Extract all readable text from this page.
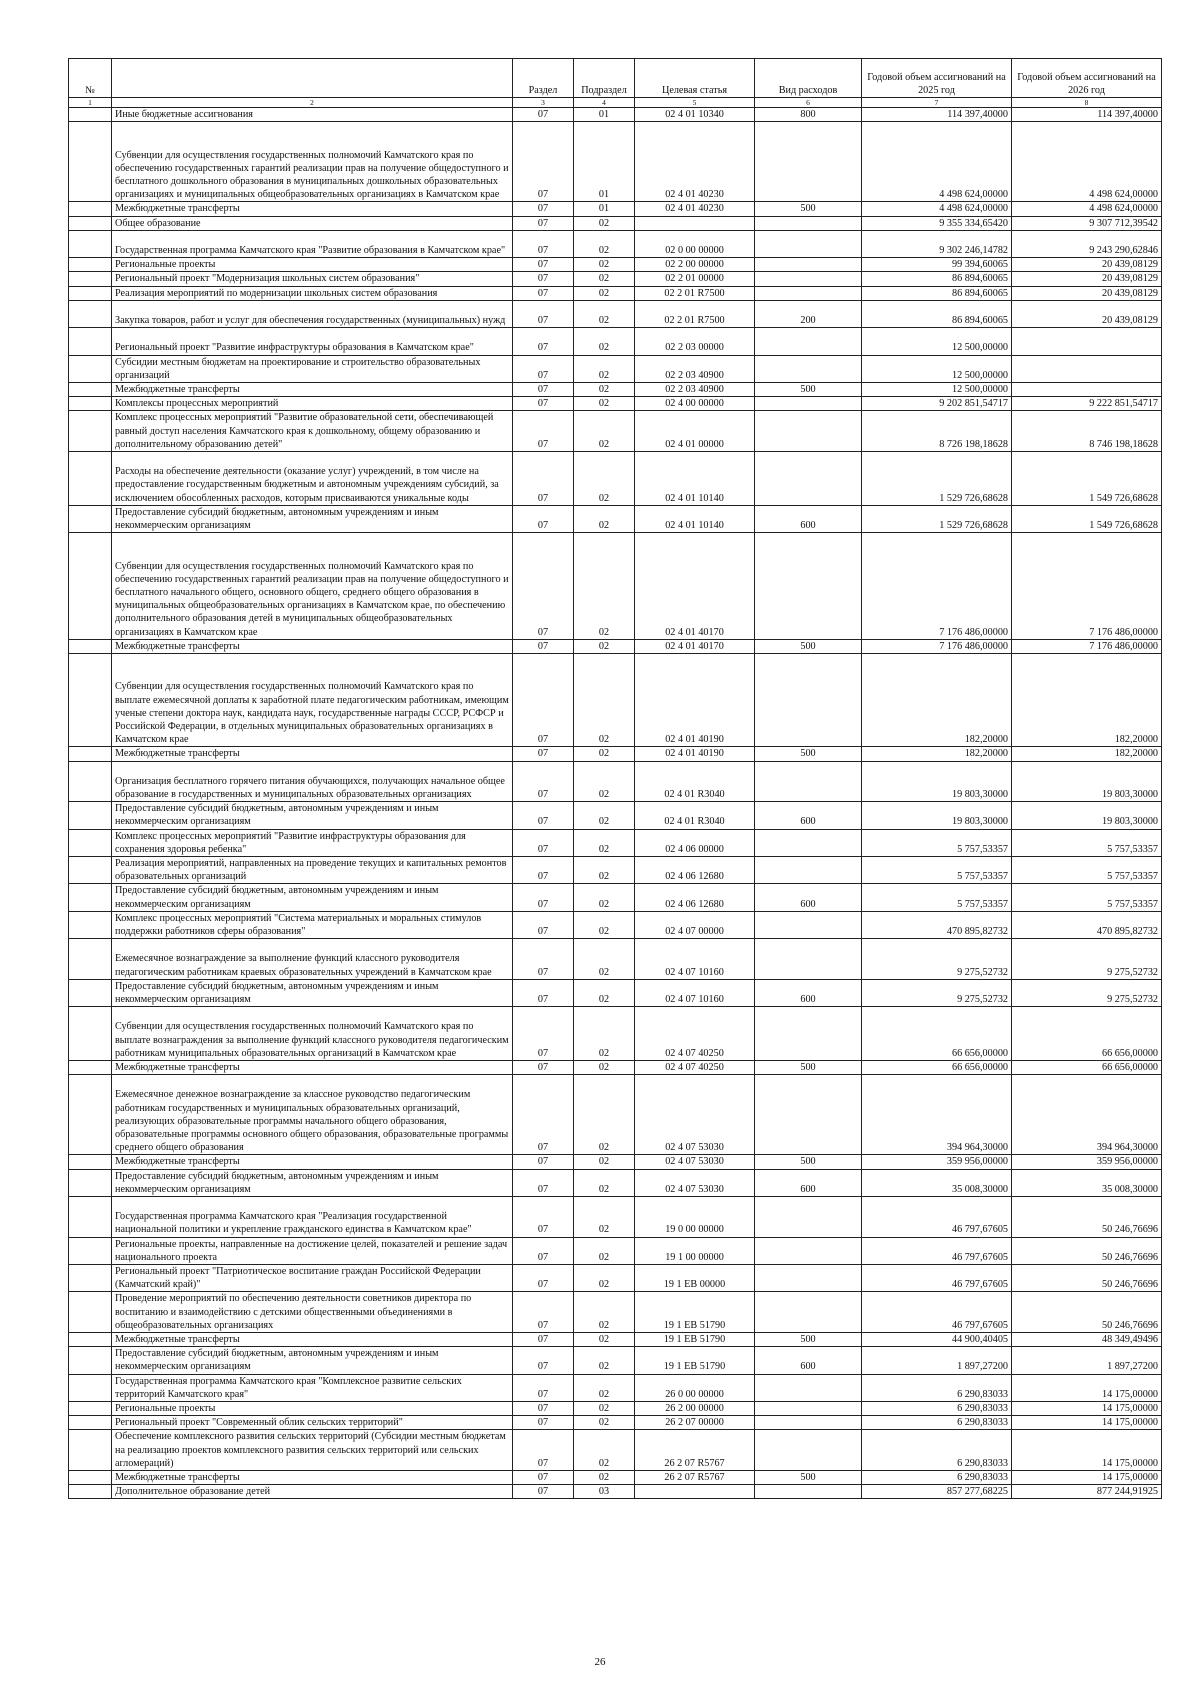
№		Раздел	Подраздел	Целевая статья	Вид расходов	Годовой объем ассигнований на 2025 год	Годовой объем ассигнований на 2026 год
1	2	3	4	5	6	7	8
	Иные бюджетные ассигнования	07	01	02 4 01 10340	800	114 397,40000	114 397,40000
	Субвенции для осуществления государственных полномочий Камчатского края по обеспечению государственных гарантий реализации прав на получение общедоступного и бесплатного дошкольного образования в муниципальных дошкольных образовательных организациях и муниципальных общеобразовательных организациях в Камчатском крае	07	01	02 4 01 40230		4 498 624,00000	4 498 624,00000
	Межбюджетные трансферты	07	01	02 4 01 40230	500	4 498 624,00000	4 498 624,00000
	Общее образование	07	02			9 355 334,65420	9 307 712,39542
	Государственная программа Камчатского края "Развитие образования в Камчатском крае"	07	02	02 0 00 00000		9 302 246,14782	9 243 290,62846
	Региональные проекты	07	02	02 2 00 00000		99 394,60065	20 439,08129
	Региональный проект "Модернизация школьных систем образования"	07	02	02 2 01 00000		86 894,60065	20 439,08129
	Реализация мероприятий по модернизации школьных систем образования	07	02	02 2 01 R7500		86 894,60065	20 439,08129
	Закупка товаров, работ и услуг для обеспечения государственных (муниципальных) нужд	07	02	02 2 01 R7500	200	86 894,60065	20 439,08129
	Региональный проект "Развитие инфраструктуры образования в Камчатском крае"	07	02	02 2 03 00000		12 500,00000	
	Субсидии местным бюджетам на проектирование и строительство образовательных организаций	07	02	02 2 03 40900		12 500,00000	
	Межбюджетные трансферты	07	02	02 2 03 40900	500	12 500,00000	
	Комплексы процессных мероприятий	07	02	02 4 00 00000		9 202 851,54717	9 222 851,54717
	Комплекс процессных мероприятий "Развитие образовательной сети, обеспечивающей равный доступ населения Камчатского края к дошкольному, общему образованию и дополнительному образованию детей"	07	02	02 4 01 00000		8 726 198,18628	8 746 198,18628
	Расходы на обеспечение деятельности (оказание услуг) учреждений, в том числе на предоставление государственным бюджетным и автономным учреждениям субсидий, за исключением обособленных расходов, которым присваиваются уникальные коды	07	02	02 4 01 10140		1 529 726,68628	1 549 726,68628
	Предоставление субсидий бюджетным, автономным учреждениям и иным некоммерческим организациям	07	02	02 4 01 10140	600	1 529 726,68628	1 549 726,68628
	Субвенции для осуществления государственных полномочий Камчатского края по обеспечению государственных гарантий реализации прав на получение общедоступного и бесплатного начального общего, основного общего, среднего общего образования в муниципальных общеобразовательных организациях в Камчатском крае, по обеспечению дополнительного образования детей в муниципальных общеобразовательных организациях в Камчатском крае	07	02	02 4 01 40170		7 176 486,00000	7 176 486,00000
	Межбюджетные трансферты	07	02	02 4 01 40170	500	7 176 486,00000	7 176 486,00000
	Субвенции для осуществления государственных полномочий Камчатского края по выплате ежемесячной доплаты к заработной плате педагогическим работникам, имеющим ученые степени доктора наук, кандидата наук, государственные награды СССР, РСФСР и Российской Федерации, в отдельных муниципальных образовательных организациях в Камчатском крае	07	02	02 4 01 40190		182,20000	182,20000
	Межбюджетные трансферты	07	02	02 4 01 40190	500	182,20000	182,20000
	Организация бесплатного горячего питания обучающихся, получающих начальное общее образование в государственных и муниципальных образовательных организациях	07	02	02 4 01 R3040		19 803,30000	19 803,30000
	Предоставление субсидий бюджетным, автономным учреждениям и иным некоммерческим организациям	07	02	02 4 01 R3040	600	19 803,30000	19 803,30000
	Комплекс процессных мероприятий "Развитие инфраструктуры образования для сохранения здоровья ребенка"	07	02	02 4 06 00000		5 757,53357	5 757,53357
	Реализация мероприятий, направленных на проведение текущих и капитальных ремонтов образовательных организаций	07	02	02 4 06 12680		5 757,53357	5 757,53357
	Предоставление субсидий бюджетным, автономным учреждениям и иным некоммерческим организациям	07	02	02 4 06 12680	600	5 757,53357	5 757,53357
	Комплекс процессных мероприятий "Система материальных и моральных стимулов поддержки работников сферы образования"	07	02	02 4 07 00000		470 895,82732	470 895,82732
	Ежемесячное вознаграждение за выполнение функций классного руководителя педагогическим работникам краевых образовательных учреждений в Камчатском крае	07	02	02 4 07 10160		9 275,52732	9 275,52732
	Предоставление субсидий бюджетным, автономным учреждениям и иным некоммерческим организациям	07	02	02 4 07 10160	600	9 275,52732	9 275,52732
	Субвенции для осуществления государственных полномочий Камчатского края по выплате вознаграждения за выполнение функций классного руководителя педагогическим работникам муниципальных образовательных организаций в Камчатском крае	07	02	02 4 07 40250		66 656,00000	66 656,00000
	Межбюджетные трансферты	07	02	02 4 07 40250	500	66 656,00000	66 656,00000
	Ежемесячное денежное вознаграждение за классное руководство педагогическим работникам государственных и муниципальных образовательных организаций, реализующих образовательные программы начального общего образования, образовательные программы основного общего образования, образовательные программы среднего общего образования	07	02	02 4 07 53030		394 964,30000	394 964,30000
	Межбюджетные трансферты	07	02	02 4 07 53030	500	359 956,00000	359 956,00000
	Предоставление субсидий бюджетным, автономным учреждениям и иным некоммерческим организациям	07	02	02 4 07 53030	600	35 008,30000	35 008,30000
	Государственная программа Камчатского края "Реализация государственной национальной политики и укрепление гражданского единства в Камчатском крае"	07	02	19 0 00 00000		46 797,67605	50 246,76696
	Региональные проекты, направленные на достижение целей, показателей и решение задач национального проекта	07	02	19 1 00 00000		46 797,67605	50 246,76696
	Региональный проект "Патриотическое воспитание граждан Российской Федерации (Камчатский край)"	07	02	19 1 ЕВ 00000		46 797,67605	50 246,76696
	Проведение мероприятий по обеспечению деятельности советников директора по воспитанию и взаимодействию с детскими общественными объединениями в общеобразовательных организациях	07	02	19 1 ЕВ 51790		46 797,67605	50 246,76696
	Межбюджетные трансферты	07	02	19 1 ЕВ 51790	500	44 900,40405	48 349,49496
	Предоставление субсидий бюджетным, автономным учреждениям и иным некоммерческим организациям	07	02	19 1 ЕВ 51790	600	1 897,27200	1 897,27200
	Государственная программа Камчатского края "Комплексное развитие сельских территорий Камчатского края"	07	02	26 0 00 00000		6 290,83033	14 175,00000
	Региональные проекты	07	02	26 2 00 00000		6 290,83033	14 175,00000
	Региональный проект "Современный облик сельских территорий"	07	02	26 2 07 00000		6 290,83033	14 175,00000
	Обеспечение комплексного развития сельских территорий (Субсидии местным бюджетам на реализацию проектов комплексного развития сельских территорий или сельских агломераций)	07	02	26 2 07 R5767		6 290,83033	14 175,00000
	Межбюджетные трансферты	07	02	26 2 07 R5767	500	6 290,83033	14 175,00000
	Дополнительное образование детей	07	03			857 277,68225	877 244,91925
26
